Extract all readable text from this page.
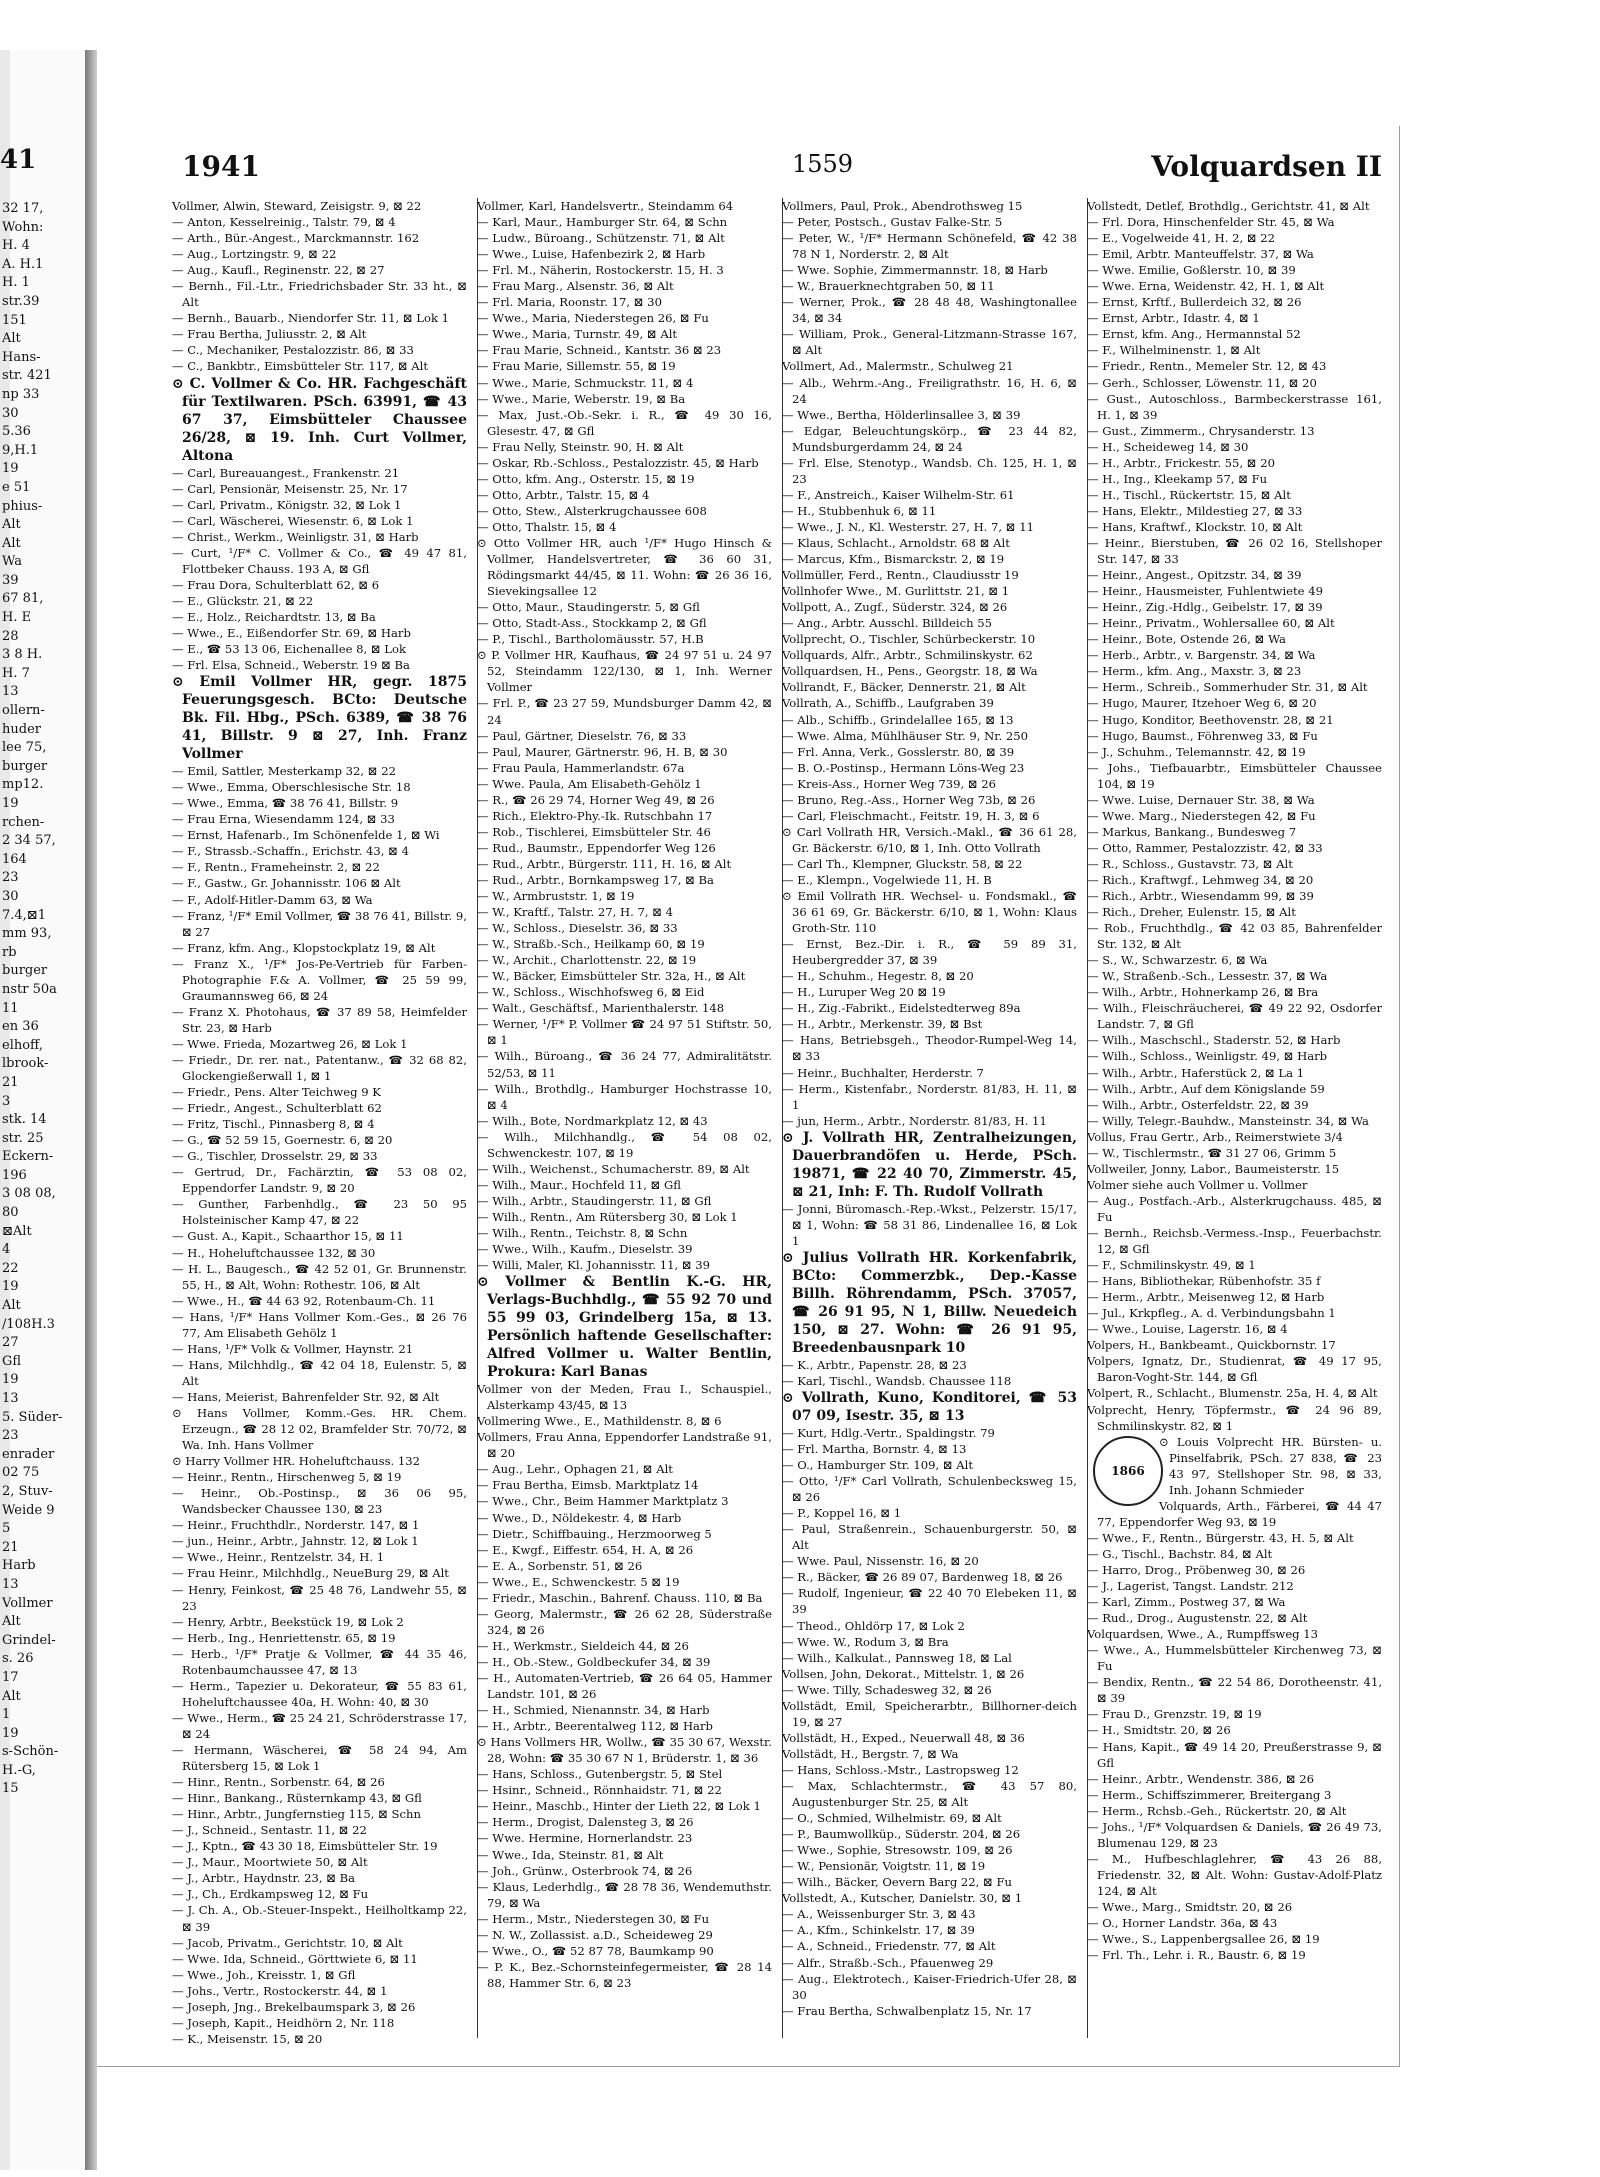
41
32 17,
Wohn:
H. 4
A. H.1
H. 1
str.39
151
Alt
Hans-
str. 421
np 33
30
5.36
9,H.1
19
e 51
phius-
Alt
Alt
Wa
39
67 81,
H. E
28
3 8 H.
H. 7
13
ollern-
huder
lee 75,
burger
mp12.
19
rchen-
2 34 57,
164
23
30
7.4,⊠1
mm 93,
rb
burger
nstr 50a
11
en 36
elhoff,
lbrook-
21
3
stk. 14
str. 25
Eckern-
196
3 08 08,
80
⊠Alt
4
22
19
Alt
/108H.3
27
Gfl
19
13
5. Süder-
23
enrader
02 75
2, Stuv-
Weide 9
5
21
Harb
13
Vollmer
Alt
Grindel-
s. 26
17
Alt
1
19
s-Schön-
H.-G,
15
1941	1559	Volquardsen II
Vollmer, Alwin, Steward, Zeisigstr. 9, ⊠ 22
— Anton, Kesselreinig., Talstr. 79, ⊠ 4
— Arth., Bür.-Angest., Marckmannstr. 162
— Aug., Lortzingstr. 9, ⊠ 22
— Aug., Kaufl., Reginenstr. 22, ⊠ 27
— Bernh., Fil.-Ltr., Friedrichsbader Str. 33 ht., ⊠ Alt
— Bernh., Bauarb., Niendorfer Str. 11, ⊠ Lok 1
— Frau Bertha, Juliusstr. 2, ⊠ Alt
— C., Mechaniker, Pestalozzistr. 86, ⊠ 33
— C., Bankbtr., Eimsbütteler Str. 117, ⊠ Alt
⊙ C. Vollmer & Co. HR. Fachgeschäft für Textilwaren. PSch. 63991, ☎ 43 67 37, Eimsbütteler Chaussee 26/28, ⊠ 19. Inh. Curt Vollmer, Altona
— Carl, Bureauangest., Frankenstr. 21
— Carl, Pensionär, Meisenstr. 25, Nr. 17
— Carl, Privatm., Königstr. 32, ⊠ Lok 1
— Carl, Wäscherei, Wiesenstr. 6, ⊠ Lok 1
— Christ., Werkm., Weinligstr. 31, ⊠ Harb
— Curt, ¹/F* C. Vollmer & Co., ☎ 49 47 81, Flottbeker Chauss. 193 A, ⊠ Gfl
— Frau Dora, Schulterblatt 62, ⊠ 6
— E., Glückstr. 21, ⊠ 22
— E., Holz., Reichardtstr. 13, ⊠ Ba
— Wwe., E., Eißendorfer Str. 69, ⊠ Harb
— E., ☎ 53 13 06, Eichenallee 8, ⊠ Lok
— Frl. Elsa, Schneid., Weberstr. 19 ⊠ Ba
⊙ Emil Vollmer HR, gegr. 1875 Feuerungsgesch. BCto: Deutsche Bk. Fil. Hbg., PSch. 6389, ☎ 38 76 41, Billstr. 9 ⊠ 27, Inh. Franz Vollmer
— Emil, Sattler, Mesterkamp 32, ⊠ 22
— Wwe., Emma, Oberschlesische Str. 18
— Wwe., Emma, ☎ 38 76 41, Billstr. 9
— Frau Erna, Wiesendamm 124, ⊠ 33
— Ernst, Hafenarb., Im Schönenfelde 1, ⊠ Wi
— F., Strassb.-Schaffn., Erichstr. 43, ⊠ 4
— F., Rentn., Frameheinstr. 2, ⊠ 22
— F., Gastw., Gr. Johannisstr. 106 ⊠ Alt
— F., Adolf-Hitler-Damm 63, ⊠ Wa
— Franz, ¹/F* Emil Vollmer, ☎ 38 76 41, Billstr. 9, ⊠ 27
— Franz, kfm. Ang., Klopstockplatz 19, ⊠ Alt
— Franz X., ¹/F* Jos-Pe-Vertrieb für Farben-Photographie F.& A. Vollmer, ☎ 25 59 99, Graumannsweg 66, ⊠ 24
— Franz X. Photohaus, ☎ 37 89 58, Heimfelder Str. 23, ⊠ Harb
— Wwe. Frieda, Mozartweg 26, ⊠ Lok 1
— Friedr., Dr. rer. nat., Patentanw., ☎ 32 68 82, Glockengießerwall 1, ⊠ 1
— Friedr., Pens. Alter Teichweg 9 K
— Friedr., Angest., Schulterblatt 62
— Fritz, Tischl., Pinnasberg 8, ⊠ 4
— G., ☎ 52 59 15, Goernestr. 6, ⊠ 20
— G., Tischler, Drosselstr. 29, ⊠ 33
— Gertrud, Dr., Fachärztin, ☎ 53 08 02, Eppendorfer Landstr. 9, ⊠ 20
— Gunther, Farbenhdlg., ☎ 23 50 95 Holsteinischer Kamp 47, ⊠ 22
— Gust. A., Kapit., Schaarthor 15, ⊠ 11
— H., Hoheluftchaussee 132, ⊠ 30
— H. L., Baugesch., ☎ 42 52 01, Gr. Brunnenstr. 55, H., ⊠ Alt, Wohn: Rothestr. 106, ⊠ Alt
— Wwe., H., ☎ 44 63 92, Rotenbaum-Ch. 11
— Hans, ¹/F* Hans Vollmer Kom.-Ges., ⊠ 26 76 77, Am Elisabeth Gehölz 1
— Hans, ¹/F* Volk & Vollmer, Haynstr. 21
— Hans, Milchhdlg., ☎ 42 04 18, Eulenstr. 5, ⊠ Alt
— Hans, Meierist, Bahrenfelder Str. 92, ⊠ Alt
⊙ Hans Vollmer, Komm.-Ges. HR. Chem. Erzeugn., ☎ 28 12 02, Bramfelder Str. 70/72, ⊠ Wa. Inh. Hans Vollmer
⊙ Harry Vollmer HR. Hoheluftchauss. 132
— Heinr., Rentn., Hirschenweg 5, ⊠ 19
— Heinr., Ob.-Postinsp., ⊠ 36 06 95, Wandsbecker Chaussee 130, ⊠ 23
— Heinr., Fruchthdlr., Norderstr. 147, ⊠ 1
— jun., Heinr., Arbtr., Jahnstr. 12, ⊠ Lok 1
— Wwe., Heinr., Rentzelstr. 34, H. 1
— Frau Heinr., Milchhdlg., NeueBurg 29, ⊠ Alt
— Henry, Feinkost, ☎ 25 48 76, Landwehr 55, ⊠ 23
— Henry, Arbtr., Beekstück 19, ⊠ Lok 2
— Herb., Ing., Henriettenstr. 65, ⊠ 19
— Herb., ¹/F* Pratje & Vollmer, ☎ 44 35 46, Rotenbaumchaussee 47, ⊠ 13
— Herm., Tapezier u. Dekorateur, ☎ 55 83 61, Hoheluftchaussee 40a, H. Wohn: 40, ⊠ 30
— Wwe., Herm., ☎ 25 24 21, Schröderstrasse 17, ⊠ 24
— Hermann, Wäscherei, ☎ 58 24 94, Am Rütersberg 15, ⊠ Lok 1
— Hinr., Rentn., Sorbenstr. 64, ⊠ 26
— Hinr., Bankang., Rüsternkamp 43, ⊠ Gfl
— Hinr., Arbtr., Jungfernstieg 115, ⊠ Schn
— J., Schneid., Sentastr. 11, ⊠ 22
— J., Kptn., ☎ 43 30 18, Eimsbütteler Str. 19
— J., Maur., Moortwiete 50, ⊠ Alt
— J., Arbtr., Haydnstr. 23, ⊠ Ba
— J., Ch., Erdkampsweg 12, ⊠ Fu
— J. Ch. A., Ob.-Steuer-Inspekt., Heilholtkamp 22, ⊠ 39
— Jacob, Privatm., Gerichtstr. 10, ⊠ Alt
— Wwe. Ida, Schneid., Görttwiete 6, ⊠ 11
— Wwe., Joh., Kreisstr. 1, ⊠ Gfl
— Johs., Vertr., Rostockerstr. 44, ⊠ 1
— Joseph, Jng., Brekelbaumspark 3, ⊠ 26
— Joseph, Kapit., Heidhörn 2, Nr. 118
— K., Meisenstr. 15, ⊠ 20
Vollmer, Karl, Handelsvertr., Steindamm 64
— Karl, Maur., Hamburger Str. 64, ⊠ Schn
— Ludw., Büroang., Schützenstr. 71, ⊠ Alt
— Wwe., Luise, Hafenbezirk 2, ⊠ Harb
— Frl. M., Näherin, Rostockerstr. 15, H. 3
— Frau Marg., Alsenstr. 36, ⊠ Alt
— Frl. Maria, Roonstr. 17, ⊠ 30
— Wwe., Maria, Niederstegen 26, ⊠ Fu
— Wwe., Maria, Turnstr. 49, ⊠ Alt
— Frau Marie, Schneid., Kantstr. 36 ⊠ 23
— Frau Marie, Sillemstr. 55, ⊠ 19
— Wwe., Marie, Schmuckstr. 11, ⊠ 4
— Wwe., Marie, Weberstr. 19, ⊠ Ba
— Max, Just.-Ob.-Sekr. i. R., ☎ 49 30 16, Glesestr. 47, ⊠ Gfl
— Frau Nelly, Steinstr. 90, H. ⊠ Alt
— Oskar, Rb.-Schloss., Pestalozzistr. 45, ⊠ Harb
— Otto, kfm. Ang., Osterstr. 15, ⊠ 19
— Otto, Arbtr., Talstr. 15, ⊠ 4
— Otto, Stew., Alsterkrugchaussee 608
— Otto, Thalstr. 15, ⊠ 4
⊙ Otto Vollmer HR, auch ¹/F* Hugo Hinsch & Vollmer, Handelsvertreter, ☎ 36 60 31, Rödingsmarkt 44/45, ⊠ 11. Wohn: ☎ 26 36 16, Sievekingsallee 12
— Otto, Maur., Staudingerstr. 5, ⊠ Gfl
— Otto, Stadt-Ass., Stockkamp 2, ⊠ Gfl
— P., Tischl., Bartholomäusstr. 57, H.B
⊙ P. Vollmer HR, Kaufhaus, ☎ 24 97 51 u. 24 97 52, Steindamm 122/130, ⊠ 1, Inh. Werner Vollmer
— Frl. P., ☎ 23 27 59, Mundsburger Damm 42, ⊠ 24
— Paul, Gärtner, Dieselstr. 76, ⊠ 33
— Paul, Maurer, Gärtnerstr. 96, H. B, ⊠ 30
— Frau Paula, Hammerlandstr. 67a
— Wwe. Paula, Am Elisabeth-Gehölz 1
— R., ☎ 26 29 74, Horner Weg 49, ⊠ 26
— Rich., Elektro-Phy.-Ik. Rutschbahn 17
— Rob., Tischlerei, Eimsbütteler Str. 46
— Rud., Baumstr., Eppendorfer Weg 126
— Rud., Arbtr., Bürgerstr. 111, H. 16, ⊠ Alt
— Rud., Arbtr., Bornkampsweg 17, ⊠ Ba
— W., Armbruststr. 1, ⊠ 19
— W., Kraftf., Talstr. 27, H. 7, ⊠ 4
— W., Schloss., Dieselstr. 36, ⊠ 33
— W., Straßb.-Sch., Heilkamp 60, ⊠ 19
— W., Archit., Charlottenstr. 22, ⊠ 19
— W., Bäcker, Eimsbütteler Str. 32a, H., ⊠ Alt
— W., Schloss., Wischhofsweg 6, ⊠ Eid
— Walt., Geschäftsf., Marienthalerstr. 148
— Werner, ¹/F* P. Vollmer ☎ 24 97 51 Stiftstr. 50, ⊠ 1
— Wilh., Büroang., ☎ 36 24 77, Admiralitätstr. 52/53, ⊠ 11
— Wilh., Brothdlg., Hamburger Hochstrasse 10, ⊠ 4
— Wilh., Bote, Nordmarkplatz 12, ⊠ 43
— Wilh., Milchhandlg., ☎ 54 08 02, Schwenckestr. 107, ⊠ 19
— Wilh., Weichenst., Schumacherstr. 89, ⊠ Alt
— Wilh., Maur., Hochfeld 11, ⊠ Gfl
— Wilh., Arbtr., Staudingerstr. 11, ⊠ Gfl
— Wilh., Rentn., Am Rütersberg 30, ⊠ Lok 1
— Wilh., Rentn., Teichstr. 8, ⊠ Schn
— Wwe., Wilh., Kaufm., Dieselstr. 39
— Willi, Maler, Kl. Johannisstr. 11, ⊠ 39
⊙ Vollmer & Bentlin K.-G. HR, Verlags-Buchhdlg., ☎ 55 92 70 und 55 99 03, Grindelberg 15a, ⊠ 13. Persönlich haftende Gesellschafter: Alfred Vollmer u. Walter Bentlin, Prokura: Karl Banas
Vollmer von der Meden, Frau I., Schauspiel., Alsterkamp 43/45, ⊠ 13
Vollmering Wwe., E., Mathildenstr. 8, ⊠ 6
Vollmers, Frau Anna, Eppendorfer Landstraße 91, ⊠ 20
— Aug., Lehr., Ophagen 21, ⊠ Alt
— Frau Bertha, Eimsb. Marktplatz 14
— Wwe., Chr., Beim Hammer Marktplatz 3
— Wwe., D., Nöldekestr. 4, ⊠ Harb
— Dietr., Schiffbauing., Herzmoorweg 5
— E., Kwgf., Eiffestr. 654, H. A, ⊠ 26
— E. A., Sorbenstr. 51, ⊠ 26
— Wwe., E., Schwenckestr. 5 ⊠ 19
— Friedr., Maschin., Bahrenf. Chauss. 110, ⊠ Ba
— Georg, Malermstr., ☎ 26 62 28, Süderstraße 324, ⊠ 26
— H., Werkmstr., Sieldeich 44, ⊠ 26
— H., Ob.-Stew., Goldbeckufer 34, ⊠ 39
— H., Automaten-Vertrieb, ☎ 26 64 05, Hammer Landstr. 101, ⊠ 26
— H., Schmied, Nienannstr. 34, ⊠ Harb
— H., Arbtr., Beerentalweg 112, ⊠ Harb
⊙ Hans Vollmers HR, Wollw., ☎ 35 30 67, Wexstr. 28, Wohn: ☎ 35 30 67 N 1, Brüderstr. 1, ⊠ 36
— Hans, Schloss., Gutenbergstr. 5, ⊠ Stel
— Hsinr., Schneid., Rönnhaidstr. 71, ⊠ 22
— Heinr., Maschb., Hinter der Lieth 22, ⊠ Lok 1
— Herm., Drogist, Dalensteg 3, ⊠ 26
— Wwe. Hermine, Hornerlandstr. 23
— Wwe., Ida, Steinstr. 81, ⊠ Alt
— Joh., Grünw., Osterbrook 74, ⊠ 26
— Klaus, Lederhdlg., ☎ 28 78 36, Wendemuthstr. 79, ⊠ Wa
— Herm., Mstr., Niederstegen 30, ⊠ Fu
— N. W., Zollassist. a.D., Scheideweg 29
— Wwe., O., ☎ 52 87 78, Baumkamp 90
— P. K., Bez.-Schornsteinfegermeister, ☎ 28 14 88, Hammer Str. 6, ⊠ 23
Vollmers, Paul, Prok., Abendrothsweg 15
— Peter, Postsch., Gustav Falke-Str. 5
— Peter, W., ¹/F* Hermann Schönefeld, ☎ 42 38 78 N 1, Norderstr. 2, ⊠ Alt
— Wwe. Sophie, Zimmermannstr. 18, ⊠ Harb
— W., Brauerknechtgraben 50, ⊠ 11
— Werner, Prok., ☎ 28 48 48, Washingtonallee 34, ⊠ 34
— William, Prok., General-Litzmann-Strasse 167, ⊠ Alt
Vollmert, Ad., Malermstr., Schulweg 21
— Alb., Wehrm.-Ang., Freiligrathstr. 16, H. 6, ⊠ 24
— Wwe., Bertha, Hölderlinsallee 3, ⊠ 39
— Edgar, Beleuchtungskörp., ☎ 23 44 82, Mundsburgerdamm 24, ⊠ 24
— Frl. Else, Stenotyp., Wandsb. Ch. 125, H. 1, ⊠ 23
— F., Anstreich., Kaiser Wilhelm-Str. 61
— H., Stubbenhuk 6, ⊠ 11
— Wwe., J. N., Kl. Westerstr. 27, H. 7, ⊠ 11
— Klaus, Schlacht., Arnoldstr. 68 ⊠ Alt
— Marcus, Kfm., Bismarckstr. 2, ⊠ 19
Vollmüller, Ferd., Rentn., Claudiusstr 19
Vollnhofer Wwe., M. Gurlittstr. 21, ⊠ 1
Vollpott, A., Zugf., Süderstr. 324, ⊠ 26
— Ang., Arbtr. Ausschl. Billdeich 55
Vollprecht, O., Tischler, Schürbeckerstr. 10
Vollquards, Alfr., Arbtr., Schmilinskystr. 62
Vollquardsen, H., Pens., Georgstr. 18, ⊠ Wa
Vollrandt, F., Bäcker, Dennerstr. 21, ⊠ Alt
Vollrath, A., Schiffb., Laufgraben 39
— Alb., Schiffb., Grindelallee 165, ⊠ 13
— Wwe. Alma, Mühlhäuser Str. 9, Nr. 250
— Frl. Anna, Verk., Gosslerstr. 80, ⊠ 39
— B. O.-Postinsp., Hermann Löns-Weg 23
— Kreis-Ass., Horner Weg 739, ⊠ 26
— Bruno, Reg.-Ass., Horner Weg 73b, ⊠ 26
— Carl, Fleischmacht., Feitstr. 19, H. 3, ⊠ 6
⊙ Carl Vollrath HR, Versich.-Makl., ☎ 36 61 28, Gr. Bäckerstr. 6/10, ⊠ 1, Inh. Otto Vollrath
— Carl Th., Klempner, Gluckstr. 58, ⊠ 22
— E., Klempn., Vogelwiede 11, H. B
⊙ Emil Vollrath HR. Wechsel- u. Fondsmakl., ☎ 36 61 69, Gr. Bäckerstr. 6/10, ⊠ 1, Wohn: Klaus Groth-Str. 110
— Ernst, Bez.-Dir. i. R., ☎ 59 89 31, Heubergredder 37, ⊠ 39
— H., Schuhm., Hegestr. 8, ⊠ 20
— H., Luruper Weg 20 ⊠ 19
— H., Zig.-Fabrikt., Eidelstedterweg 89a
— H., Arbtr., Merkenstr. 39, ⊠ Bst
— Hans, Betriebsgeh., Theodor-Rumpel-Weg 14, ⊠ 33
— Heinr., Buchhalter, Herderstr. 7
— Herm., Kistenfabr., Norderstr. 81/83, H. 11, ⊠ 1
— jun, Herm., Arbtr., Norderstr. 81/83, H. 11
⊙ J. Vollrath HR, Zentralheizungen, Dauerbrandöfen u. Herde, PSch. 19871, ☎ 22 40 70, Zimmerstr. 45, ⊠ 21, Inh: F. Th. Rudolf Vollrath
— Jonni, Büromasch.-Rep.-Wkst., Pelzerstr. 15/17, ⊠ 1, Wohn: ☎ 58 31 86, Lindenallee 16, ⊠ Lok 1
⊙ Julius Vollrath HR. Korkenfabrik, BCto: Commerzbk., Dep.-Kasse Billh. Röhrendamm, PSch. 37057, ☎ 26 91 95, N 1, Billw. Neuedeich 150, ⊠ 27. Wohn: ☎ 26 91 95, Breedenbausnpark 10
— K., Arbtr., Papenstr. 28, ⊠ 23
— Karl, Tischl., Wandsb. Chaussee 118
⊙ Vollrath, Kuno, Konditorei, ☎ 53 07 09, Isestr. 35, ⊠ 13
— Kurt, Hdlg.-Vertr., Spaldingstr. 79
— Frl. Martha, Bornstr. 4, ⊠ 13
— O., Hamburger Str. 109, ⊠ Alt
— Otto, ¹/F* Carl Vollrath, Schulenbecksweg 15, ⊠ 26
— P., Koppel 16, ⊠ 1
— Paul, Straßenrein., Schauenburgerstr. 50, ⊠ Alt
— Wwe. Paul, Nissenstr. 16, ⊠ 20
— R., Bäcker, ☎ 26 89 07, Bardenweg 18, ⊠ 26
— Rudolf, Ingenieur, ☎ 22 40 70 Elebeken 11, ⊠ 39
— Theod., Ohldörp 17, ⊠ Lok 2
— Wwe. W., Rodum 3, ⊠ Bra
— Wilh., Kalkulat., Pannsweg 18, ⊠ Lal
Vollsen, John, Dekorat., Mittelstr. 1, ⊠ 26
— Wwe. Tilly, Schadesweg 32, ⊠ 26
Vollstädt, Emil, Speicherarbtr., Billhorner-deich 19, ⊠ 27
Vollstädt, H., Exped., Neuerwall 48, ⊠ 36
Vollstädt, H., Bergstr. 7, ⊠ Wa
— Hans, Schloss.-Mstr., Lastropsweg 12
— Max, Schlachtermstr., ☎ 43 57 80, Augustenburger Str. 25, ⊠ Alt
— O., Schmied, Wilhelmistr. 69, ⊠ Alt
— P., Baumwollküp., Süderstr. 204, ⊠ 26
— Wwe., Sophie, Stresowstr. 109, ⊠ 26
— W., Pensionär, Voigtstr. 11, ⊠ 19
— Wilh., Bäcker, Oevern Barg 22, ⊠ Fu
Vollstedt, A., Kutscher, Danielstr. 30, ⊠ 1
— A., Weissenburger Str. 3, ⊠ 43
— A., Kfm., Schinkelstr. 17, ⊠ 39
— A., Schneid., Friedenstr. 77, ⊠ Alt
— Alfr., Straßb.-Sch., Pfauenweg 29
— Aug., Elektrotech., Kaiser-Friedrich-Ufer 28, ⊠ 30
— Frau Bertha, Schwalbenplatz 15, Nr. 17
Vollstedt, Detlef, Brothdlg., Gerichtstr. 41, ⊠ Alt
— Frl. Dora, Hinschenfelder Str. 45, ⊠ Wa
— E., Vogelweide 41, H. 2, ⊠ 22
— Emil, Arbtr. Manteuffelstr. 37, ⊠ Wa
— Wwe. Emilie, Goßlerstr. 10, ⊠ 39
— Wwe. Erna, Weidenstr. 42, H. 1, ⊠ Alt
— Ernst, Krftf., Bullerdeich 32, ⊠ 26
— Ernst, Arbtr., Idastr. 4, ⊠ 1
— Ernst, kfm. Ang., Hermannstal 52
— F., Wilhelminenstr. 1, ⊠ Alt
— Friedr., Rentn., Memeler Str. 12, ⊠ 43
— Gerh., Schlosser, Löwenstr. 11, ⊠ 20
— Gust., Autoschloss., Barmbeckerstrasse 161, H. 1, ⊠ 39
— Gust., Zimmerm., Chrysanderstr. 13
— H., Scheideweg 14, ⊠ 30
— H., Arbtr., Frickestr. 55, ⊠ 20
— H., Ing., Kleekamp 57, ⊠ Fu
— H., Tischl., Rückertstr. 15, ⊠ Alt
— Hans, Elektr., Mildestieg 27, ⊠ 33
— Hans, Kraftwf., Klockstr. 10, ⊠ Alt
— Heinr., Bierstuben, ☎ 26 02 16, Stellshoper Str. 147, ⊠ 33
— Heinr., Angest., Opitzstr. 34, ⊠ 39
— Heinr., Hausmeister, Fuhlentwiete 49
— Heinr., Zig.-Hdlg., Geibelstr. 17, ⊠ 39
— Heinr., Privatm., Wohlersallee 60, ⊠ Alt
— Heinr., Bote, Ostende 26, ⊠ Wa
— Herb., Arbtr., v. Bargenstr. 34, ⊠ Wa
— Herm., kfm. Ang., Maxstr. 3, ⊠ 23
— Herm., Schreib., Sommerhuder Str. 31, ⊠ Alt
— Hugo, Maurer, Itzehoer Weg 6, ⊠ 20
— Hugo, Konditor, Beethovenstr. 28, ⊠ 21
— Hugo, Baumst., Föhrenweg 33, ⊠ Fu
— J., Schuhm., Telemannstr. 42, ⊠ 19
— Johs., Tiefbauarbtr., Eimsbütteler Chaussee 104, ⊠ 19
— Wwe. Luise, Dernauer Str. 38, ⊠ Wa
— Wwe. Marg., Niederstegen 42, ⊠ Fu
— Markus, Bankang., Bundesweg 7
— Otto, Rammer, Pestalozzistr. 42, ⊠ 33
— R., Schloss., Gustavstr. 73, ⊠ Alt
— Rich., Kraftwgf., Lehmweg 34, ⊠ 20
— Rich., Arbtr., Wiesendamm 99, ⊠ 39
— Rich., Dreher, Eulenstr. 15, ⊠ Alt
— Rob., Fruchthdlg., ☎ 42 03 85, Bahrenfelder Str. 132, ⊠ Alt
— S., W., Schwarzestr. 6, ⊠ Wa
— W., Straßenb.-Sch., Lessestr. 37, ⊠ Wa
— Wilh., Arbtr., Hohnerkamp 26, ⊠ Bra
— Wilh., Fleischräucherei, ☎ 49 22 92, Osdorfer Landstr. 7, ⊠ Gfl
— Wilh., Maschschl., Staderstr. 52, ⊠ Harb
— Wilh., Schloss., Weinligstr. 49, ⊠ Harb
— Wilh., Arbtr., Haferstück 2, ⊠ La 1
— Wilh., Arbtr., Auf dem Königslande 59
— Wilh., Arbtr., Osterfeldstr. 22, ⊠ 39
— Willy, Telegr.-Bauhdw., Mansteinstr. 34, ⊠ Wa
Vollus, Frau Gertr., Arb., Reimerstwiete 3/4
— W., Tischlermstr., ☎ 31 27 06, Grimm 5
Vollweiler, Jonny, Labor., Baumeisterstr. 15
Volmer siehe auch Vollmer u. Vollmer
— Aug., Postfach.-Arb., Alsterkrugchauss. 485, ⊠ Fu
— Bernh., Reichsb.-Vermess.-Insp., Feuerbachstr. 12, ⊠ Gfl
— F., Schmilinskystr. 49, ⊠ 1
— Hans, Bibliothekar, Rübenhofstr. 35 f
— Herm., Arbtr., Meisenweg 12, ⊠ Harb
— Jul., Krkpfleg., A. d. Verbindungsbahn 1
— Wwe., Louise, Lagerstr. 16, ⊠ 4
Volpers, H., Bankbeamt., Quickbornstr. 17
Volpers, Ignatz, Dr., Studienrat, ☎ 49 17 95, Baron-Voght-Str. 144, ⊠ Gfl
Volpert, R., Schlacht., Blumenstr. 25a, H. 4, ⊠ Alt
Volprecht, Henry, Töpfermstr., ☎ 24 96 89, Schmilinskystr. 82, ⊠ 1
1866
⊙ Louis Volprecht HR. Bürsten- u. Pinselfabrik, PSch. 27 838, ☎ 23 43 97, Stellshoper Str. 98, ⊠ 33, Inh. Johann Schmieder
Volquards, Arth., Färberei, ☎ 44 47 77, Eppendorfer Weg 93, ⊠ 19
— Wwe., F., Rentn., Bürgerstr. 43, H. 5, ⊠ Alt
— G., Tischl., Bachstr. 84, ⊠ Alt
— Harro, Drog., Pröbenweg 30, ⊠ 26
— J., Lagerist, Tangst. Landstr. 212
— Karl, Zimm., Postweg 37, ⊠ Wa
— Rud., Drog., Augustenstr. 22, ⊠ Alt
Volquardsen, Wwe., A., Rumpffsweg 13
— Wwe., A., Hummelsbütteler Kirchenweg 73, ⊠ Fu
— Bendix, Rentn., ☎ 22 54 86, Dorotheenstr. 41, ⊠ 39
— Frau D., Grenzstr. 19, ⊠ 19
— H., Smidtstr. 20, ⊠ 26
— Hans, Kapit., ☎ 49 14 20, Preußerstrasse 9, ⊠ Gfl
— Heinr., Arbtr., Wendenstr. 386, ⊠ 26
— Herm., Schiffszimmerer, Breitergang 3
— Herm., Rchsb.-Geh., Rückertstr. 20, ⊠ Alt
— Johs., ¹/F* Volquardsen & Daniels, ☎ 26 49 73, Blumenau 129, ⊠ 23
— M., Hufbeschlaglehrer, ☎ 43 26 88, Friedenstr. 32, ⊠ Alt. Wohn: Gustav-Adolf-Platz 124, ⊠ Alt
— Wwe., Marg., Smidtstr. 20, ⊠ 26
— O., Horner Landstr. 36a, ⊠ 43
— Wwe., S., Lappenbergsallee 26, ⊠ 19
— Frl. Th., Lehr. i. R., Baustr. 6, ⊠ 19
